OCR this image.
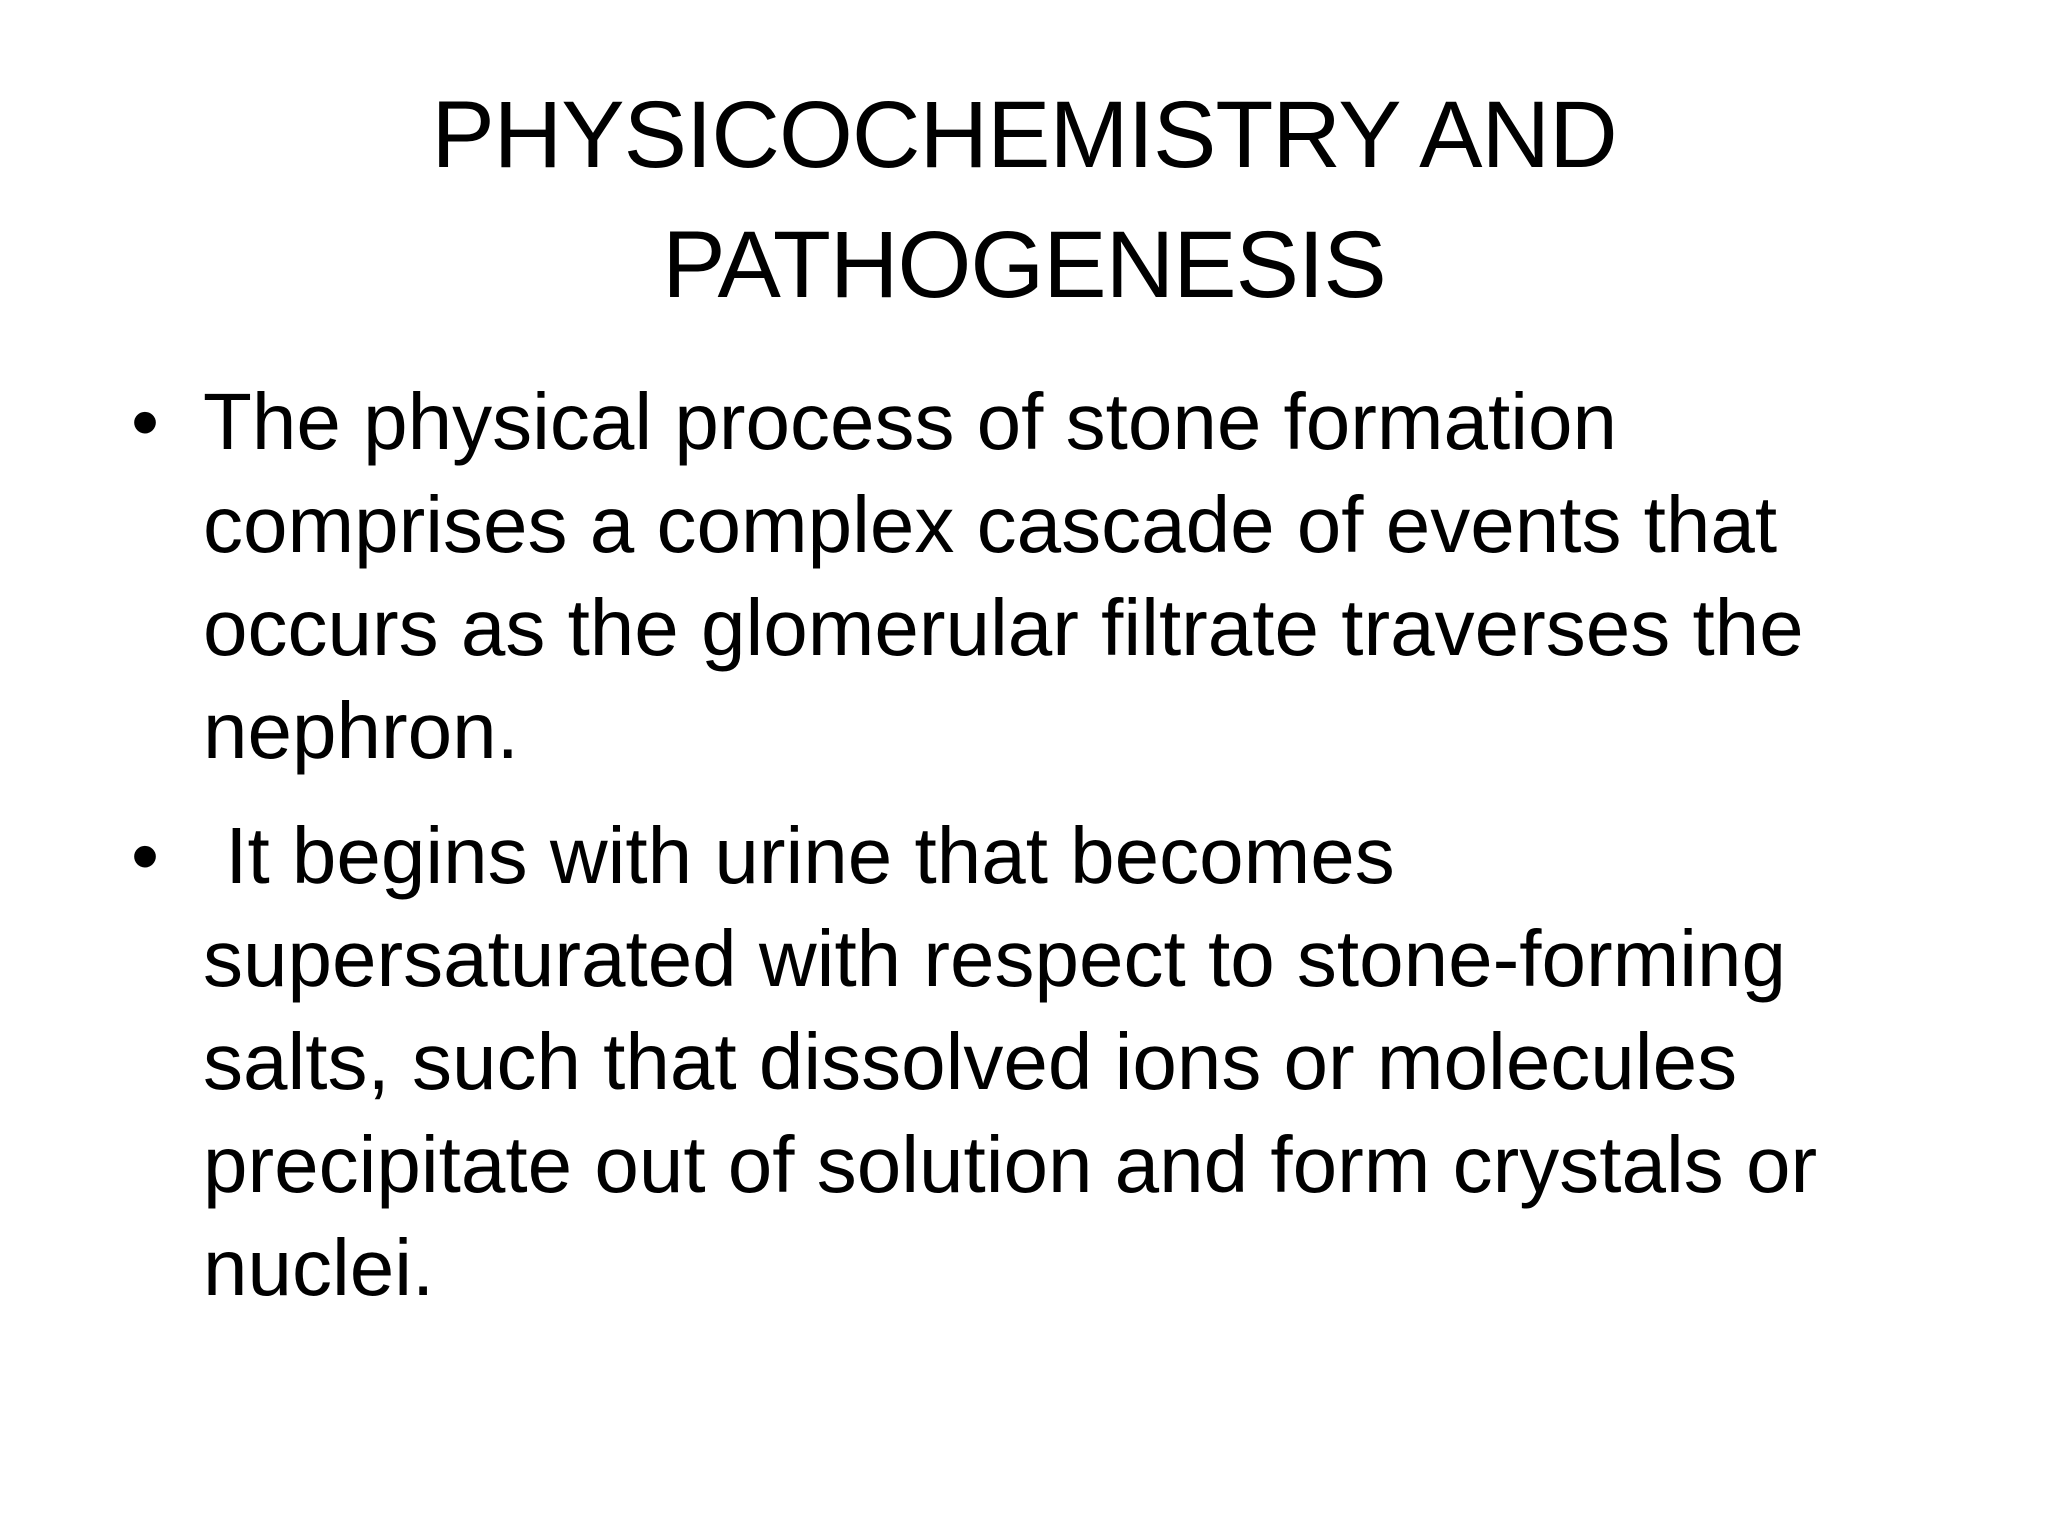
PHYSICOCHEMISTRY AND
PATHOGENESIS
• The physical process of stone formation
comprises a complex cascade of events that
occurs as the glomerular filtrate traverses the
nephron.
• It begins with urine that becomes
supersaturated with respect to stone-forming
salts, such that dissolved ions or molecules
precipitate out of solution and form crystals or
nuclei.
